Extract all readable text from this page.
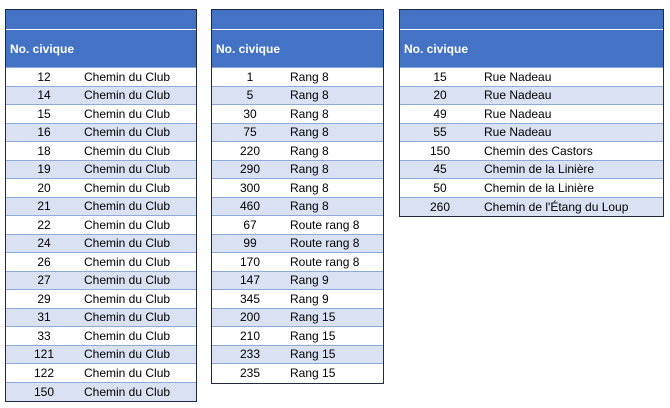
No. civique
12	Chemin du Club
14	Chemin du Club
15	Chemin du Club
16	Chemin du Club
18	Chemin du Club
19	Chemin du Club
20	Chemin du Club
21	Chemin du Club
22	Chemin du Club
24	Chemin du Club
26	Chemin du Club
27	Chemin du Club
29	Chemin du Club
31	Chemin du Club
33	Chemin du Club
121	Chemin du Club
122	Chemin du Club
150	Chemin du Club
No. civique
1	Rang 8
5	Rang 8
30	Rang 8
75	Rang 8
220	Rang 8
290	Rang 8
300	Rang 8
460	Rang 8
67	Route rang 8
99	Route rang 8
170	Route rang 8
147	Rang 9
345	Rang 9
200	Rang 15
210	Rang 15
233	Rang 15
235	Rang 15
No. civique
15	Rue Nadeau
20	Rue Nadeau
49	Rue Nadeau
55	Rue Nadeau
150	Chemin des Castors
45	Chemin de la Linière
50	Chemin de la Linière
260	Chemin de l'Étang du Loup
